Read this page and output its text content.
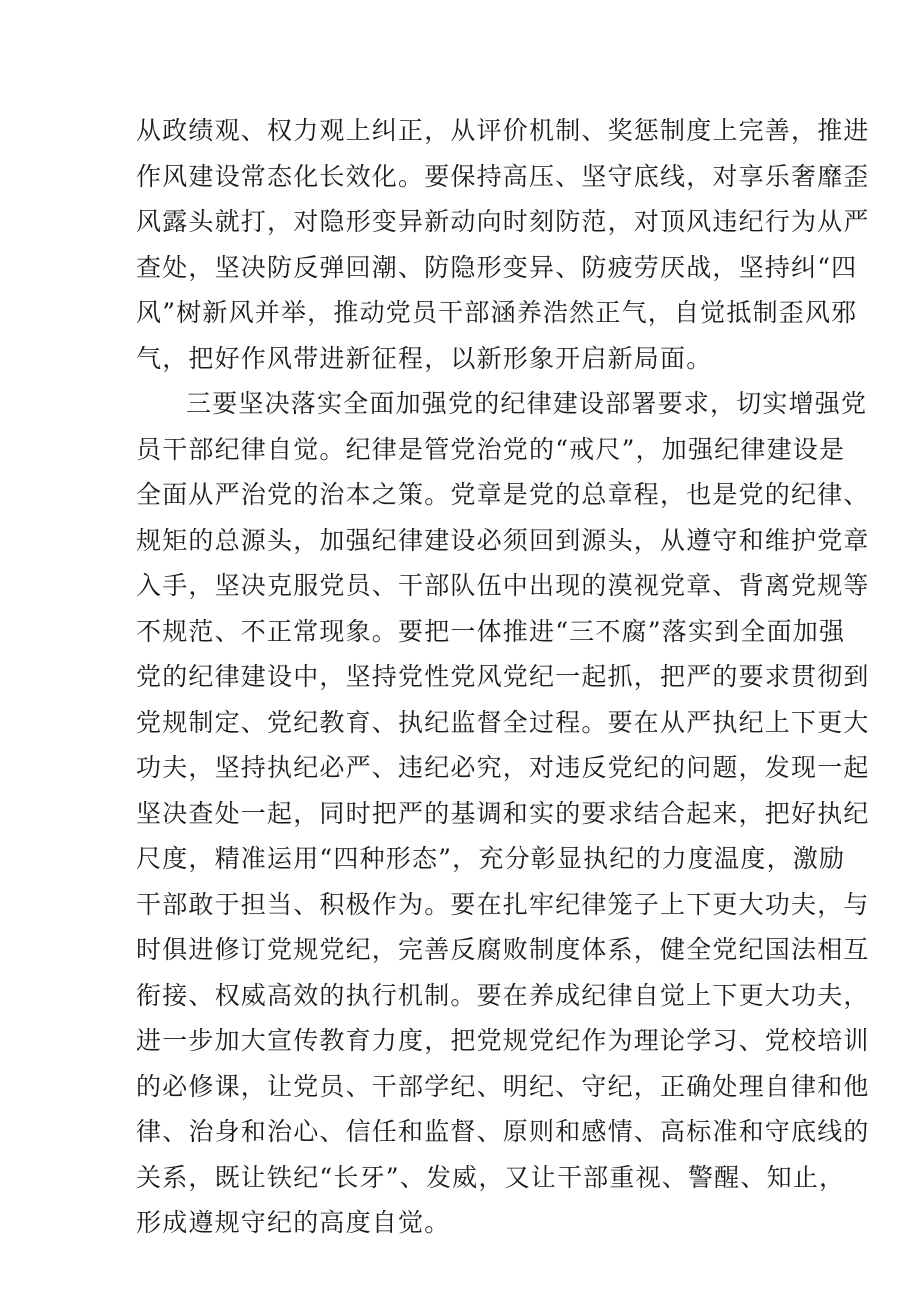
从政绩观、权力观上纠正，从评价机制、奖惩制度上完善，推进
作风建设常态化长效化。要保持高压、坚守底线，对享乐奢靡歪
风露头就打，对隐形变异新动向时刻防范，对顶风违纪行为从严
查处，坚决防反弹回潮、防隐形变异、防疲劳厌战，坚持纠“四
风”树新风并举，推动党员干部涵养浩然正气，自觉抵制歪风邪
气，把好作风带进新征程，以新形象开启新局面。
三要坚决落实全面加强党的纪律建设部署要求，切实增强党
员干部纪律自觉。纪律是管党治党的“戒尺”，加强纪律建设是
全面从严治党的治本之策。党章是党的总章程，也是党的纪律、
规矩的总源头，加强纪律建设必须回到源头，从遵守和维护党章
入手，坚决克服党员、干部队伍中出现的漠视党章、背离党规等
不规范、不正常现象。要把一体推进“三不腐”落实到全面加强
党的纪律建设中，坚持党性党风党纪一起抓，把严的要求贯彻到
党规制定、党纪教育、执纪监督全过程。要在从严执纪上下更大
功夫，坚持执纪必严、违纪必究，对违反党纪的问题，发现一起
坚决查处一起，同时把严的基调和实的要求结合起来，把好执纪
尺度，精准运用“四种形态”，充分彰显执纪的力度温度，激励
干部敢于担当、积极作为。要在扎牢纪律笼子上下更大功夫，与
时俱进修订党规党纪，完善反腐败制度体系，健全党纪国法相互
衔接、权威高效的执行机制。要在养成纪律自觉上下更大功夫，
进一步加大宣传教育力度，把党规党纪作为理论学习、党校培训
的必修课，让党员、干部学纪、明纪、守纪，正确处理自律和他
律、治身和治心、信任和监督、原则和感情、高标准和守底线的
关系，既让铁纪“长牙”、发威，又让干部重视、警醒、知止，
形成遵规守纪的高度自觉。
